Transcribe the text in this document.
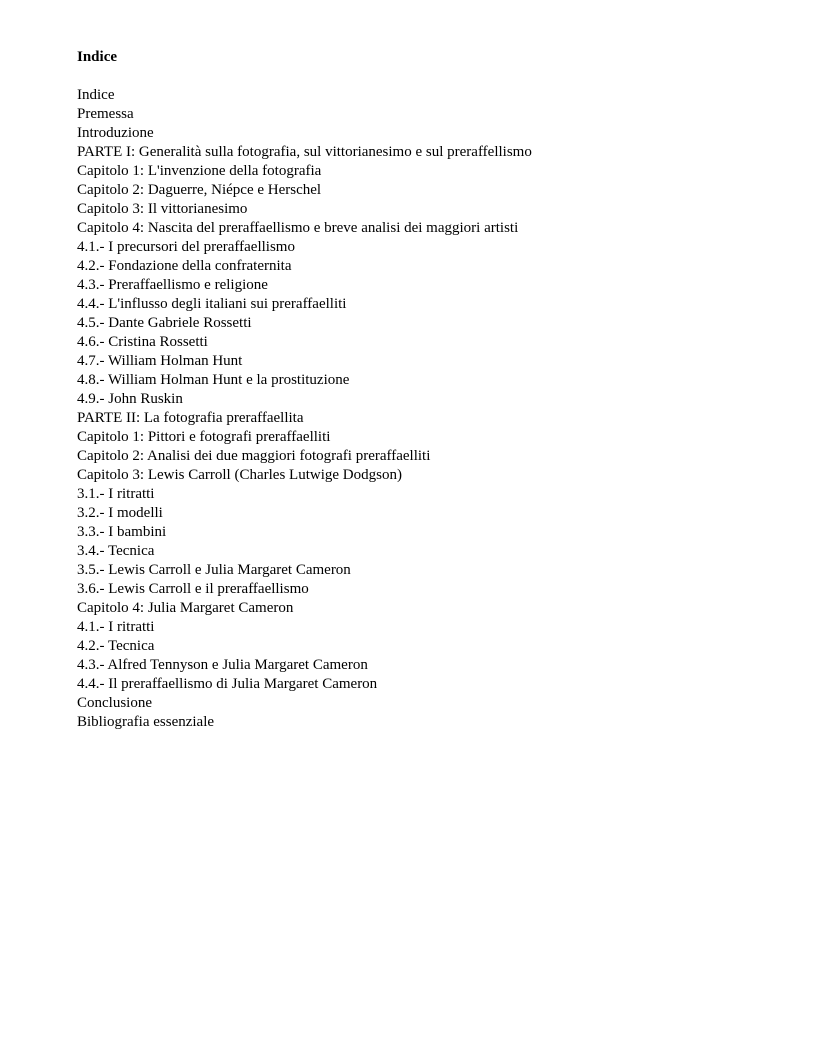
Indice
Indice
Premessa
Introduzione
PARTE I: Generalità sulla fotografia, sul vittorianesimo e sul preraffellismo
Capitolo 1: L'invenzione della fotografia
Capitolo 2: Daguerre, Niépce e Herschel
Capitolo 3: Il vittorianesimo
Capitolo 4: Nascita del preraffaellismo e breve analisi dei maggiori artisti
4.1.- I precursori del preraffaellismo
4.2.- Fondazione della confraternita
4.3.- Preraffaellismo e religione
4.4.- L'influsso degli italiani sui preraffaelliti
4.5.- Dante Gabriele Rossetti
4.6.- Cristina Rossetti
4.7.- William Holman Hunt
4.8.- William Holman Hunt e la prostituzione
4.9.- John Ruskin
PARTE II: La fotografia preraffaellita
Capitolo 1: Pittori e fotografi preraffaelliti
Capitolo 2: Analisi dei due maggiori fotografi preraffaelliti
Capitolo 3: Lewis Carroll (Charles Lutwige Dodgson)
3.1.- I ritratti
3.2.- I modelli
3.3.- I bambini
3.4.- Tecnica
3.5.- Lewis Carroll e Julia Margaret Cameron
3.6.- Lewis Carroll e il preraffaellismo
Capitolo 4: Julia Margaret Cameron
4.1.- I ritratti
4.2.- Tecnica
4.3.- Alfred Tennyson e Julia Margaret Cameron
4.4.- Il preraffaellismo di Julia Margaret Cameron
Conclusione
Bibliografia essenziale
